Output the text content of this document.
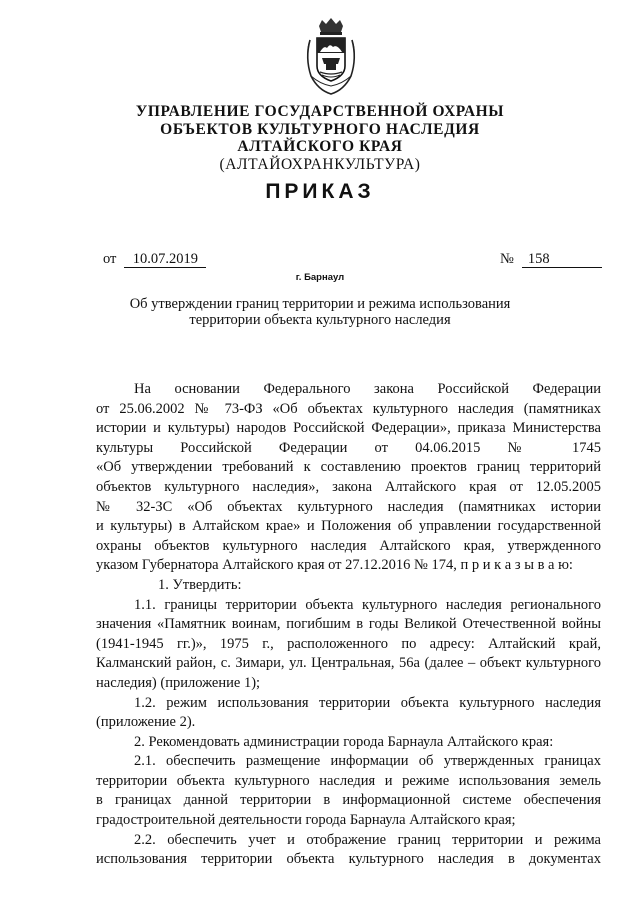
УПРАВЛЕНИЕ ГОСУДАРСТВЕННОЙ ОХРАНЫ
ОБЪЕКТОВ КУЛЬТУРНОГО НАСЛЕДИЯ
АЛТАЙСКОГО КРАЯ
(АЛТАЙОХРАНКУЛЬТУРА)
ПРИКАЗ
от 10.07.2019	№ 158
г. Барнаул
Об утверждении границ территории и режима использования
территории объекта культурного наследия

На основании Федерального закона Российской Федерации

от 25.06.2002 № 73-ФЗ «Об объектах культурного наследия (памятниках

истории и культуры) народов Российской Федерации», приказа Министерства

культуры Российской Федерации от 04.06.2015 № 1745

«Об утверждении требований к составлению проектов границ территорий

объектов культурного наследия», закона Алтайского края от 12.05.2005

№ 32-ЗС «Об объектах культурного наследия (памятниках истории

и культуры) в Алтайском крае» и Положения об управлении государственной

охраны объектов культурного наследия Алтайского края, утвержденного

указом Губернатора Алтайского края от 27.12.2016 № 174, п р и к а з ы в а ю:

1. Утвердить:

1.1. границы территории объекта культурного наследия регионального

значения «Памятник воинам, погибшим в годы Великой Отечественной войны

(1941-1945 гг.)», 1975 г., расположенного по адресу: Алтайский край,

Калманский район, с. Зимари, ул. Центральная, 56а (далее – объект культурного

наследия) (приложение 1);

1.2. режим использования территории объекта культурного наследия

(приложение 2).

2. Рекомендовать администрации города Барнаула Алтайского края:

2.1. обеспечить размещение информации об утвержденных границах

территории объекта культурного наследия и режиме использования земель

в границах данной территории в информационной системе обеспечения

градостроительной деятельности города Барнаула Алтайского края;

2.2. обеспечить учет и отображение границ территории и режима

использования территории объекта культурного наследия в документах
